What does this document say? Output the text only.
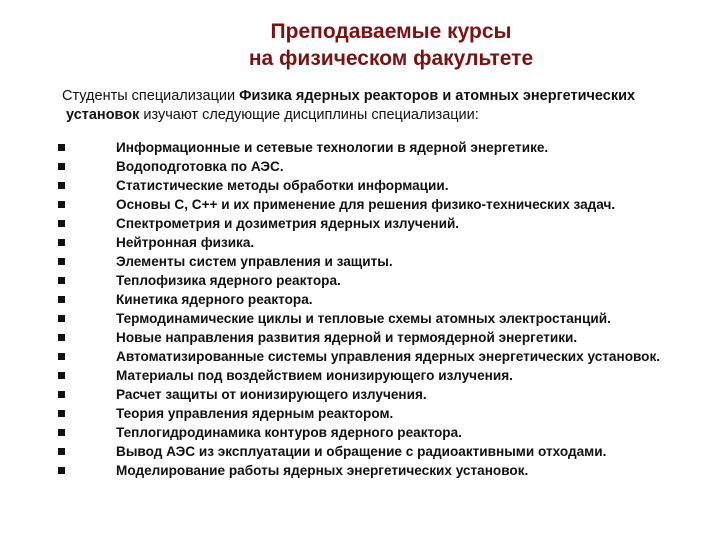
Преподаваемые курсы
на физическом факультете
Студенты специализации Физика ядерных реакторов и атомных энергетических
установок изучают следующие дисциплины специализации:
Информационные и сетевые технологии в ядерной энергетике.
Водоподготовка по АЭС.
Статистические методы обработки информации.
Основы C, C++ и их применение для решения физико-технических задач.
Спектрометрия и дозиметрия ядерных излучений.
Нейтронная физика.
Элементы систем управления и защиты.
Теплофизика ядерного реактора.
Кинетика ядерного реактора.
Термодинамические циклы и тепловые схемы атомных электростанций.
Новые направления развития ядерной и термоядерной энергетики.
Автоматизированные системы управления ядерных энергетических установок.
Материалы под воздействием ионизирующего излучения.
Расчет защиты от ионизирующего излучения.
Теория управления ядерным реактором.
Теплогидродинамика контуров ядерного реактора.
Вывод АЭС из эксплуатации и обращение с радиоактивными отходами.
Моделирование работы ядерных энергетических установок.
